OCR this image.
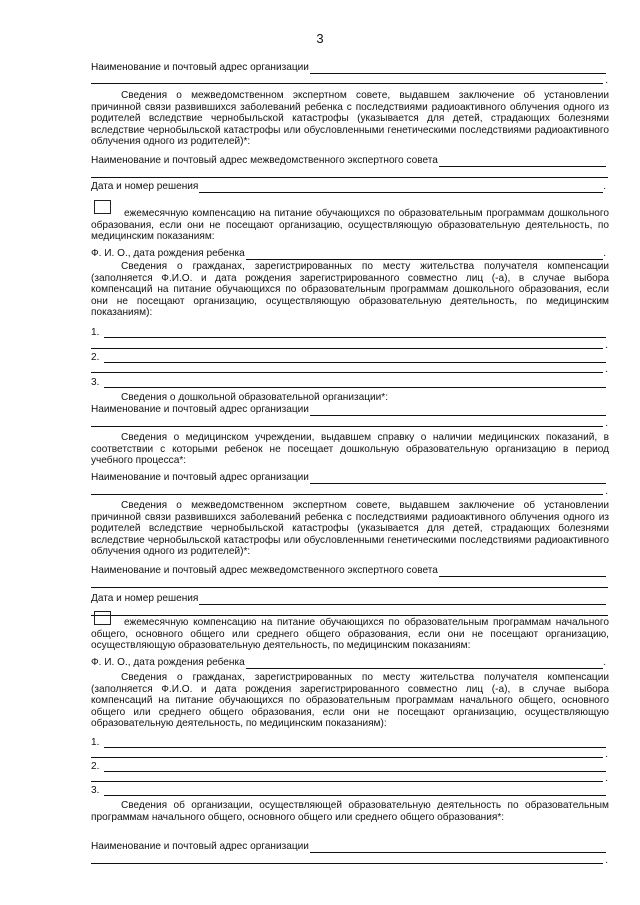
3
Наименование и почтовый адрес организации
.
Сведения о межведомственном экспертном совете, выдавшем заключение об установлении причинной связи развившихся заболеваний ребенка с последствиями радиоактивного облучения одного из родителей вследствие чернобыльской катастрофы (указывается для детей, страдающих болезнями вследствие чернобыльской катастрофы или обусловленными генетическими последствиями радиоактивного облучения одного из родителей)*:
Наименование и почтовый адрес межведомственного экспертного совета
Дата и номер решения	.
ежемесячную компенсацию на питание обучающихся по образовательным программам дошкольного образования, если они не посещают организацию, осуществляющую образовательную деятельность, по медицинским показаниям:
Ф. И. О., дата рождения ребенка	.
Сведения о гражданах, зарегистрированных по месту жительства получателя компенсации (заполняется Ф.И.О. и дата рождения зарегистрированного совместно лиц (-а), в случае выбора компенсаций на питание обучающихся по образовательным программам дошкольного образования, если они не посещают организацию, осуществляющую образовательную деятельность, по медицинским показаниям):
1.
.
2.
.
3.
Сведения о дошкольной образовательной организации*:
Наименование и почтовый адрес организации
.
Сведения о медицинском учреждении, выдавшем справку о наличии медицинских показаний, в соответствии с которыми ребенок не посещает дошкольную образовательную организацию в период учебного процесса*:
Наименование и почтовый адрес организации
.
Сведения о межведомственном экспертном совете, выдавшем заключение об установлении причинной связи развившихся заболеваний ребенка с последствиями радиоактивного облучения одного из родителей вследствие чернобыльской катастрофы (указывается для детей, страдающих болезнями вследствие чернобыльской катастрофы или обусловленными генетическими последствиями радиоактивного облучения одного из родителей)*:
Наименование и почтовый адрес межведомственного экспертного совета
Дата и номер решения
ежемесячную компенсацию на питание обучающихся по образовательным программам начального общего, основного общего или среднего общего образования, если они не посещают организацию, осуществляющую образовательную деятельность, по медицинским показаниям:
Ф. И. О., дата рождения ребенка	.
Сведения о гражданах, зарегистрированных по месту жительства получателя компенсации (заполняется Ф.И.О. и дата рождения зарегистрированного совместно лиц (-а), в случае выбора компенсаций на питание обучающихся по образовательным программам начального общего, основного общего или среднего общего образования, если они не посещают организацию, осуществляющую образовательную деятельность, по медицинским показаниям):
1.
.
2.
.
3.
Сведения об организации, осуществляющей образовательную деятельность по образовательным программам начального общего, основного общего или среднего общего образования*:
Наименование и почтовый адрес организации
.
